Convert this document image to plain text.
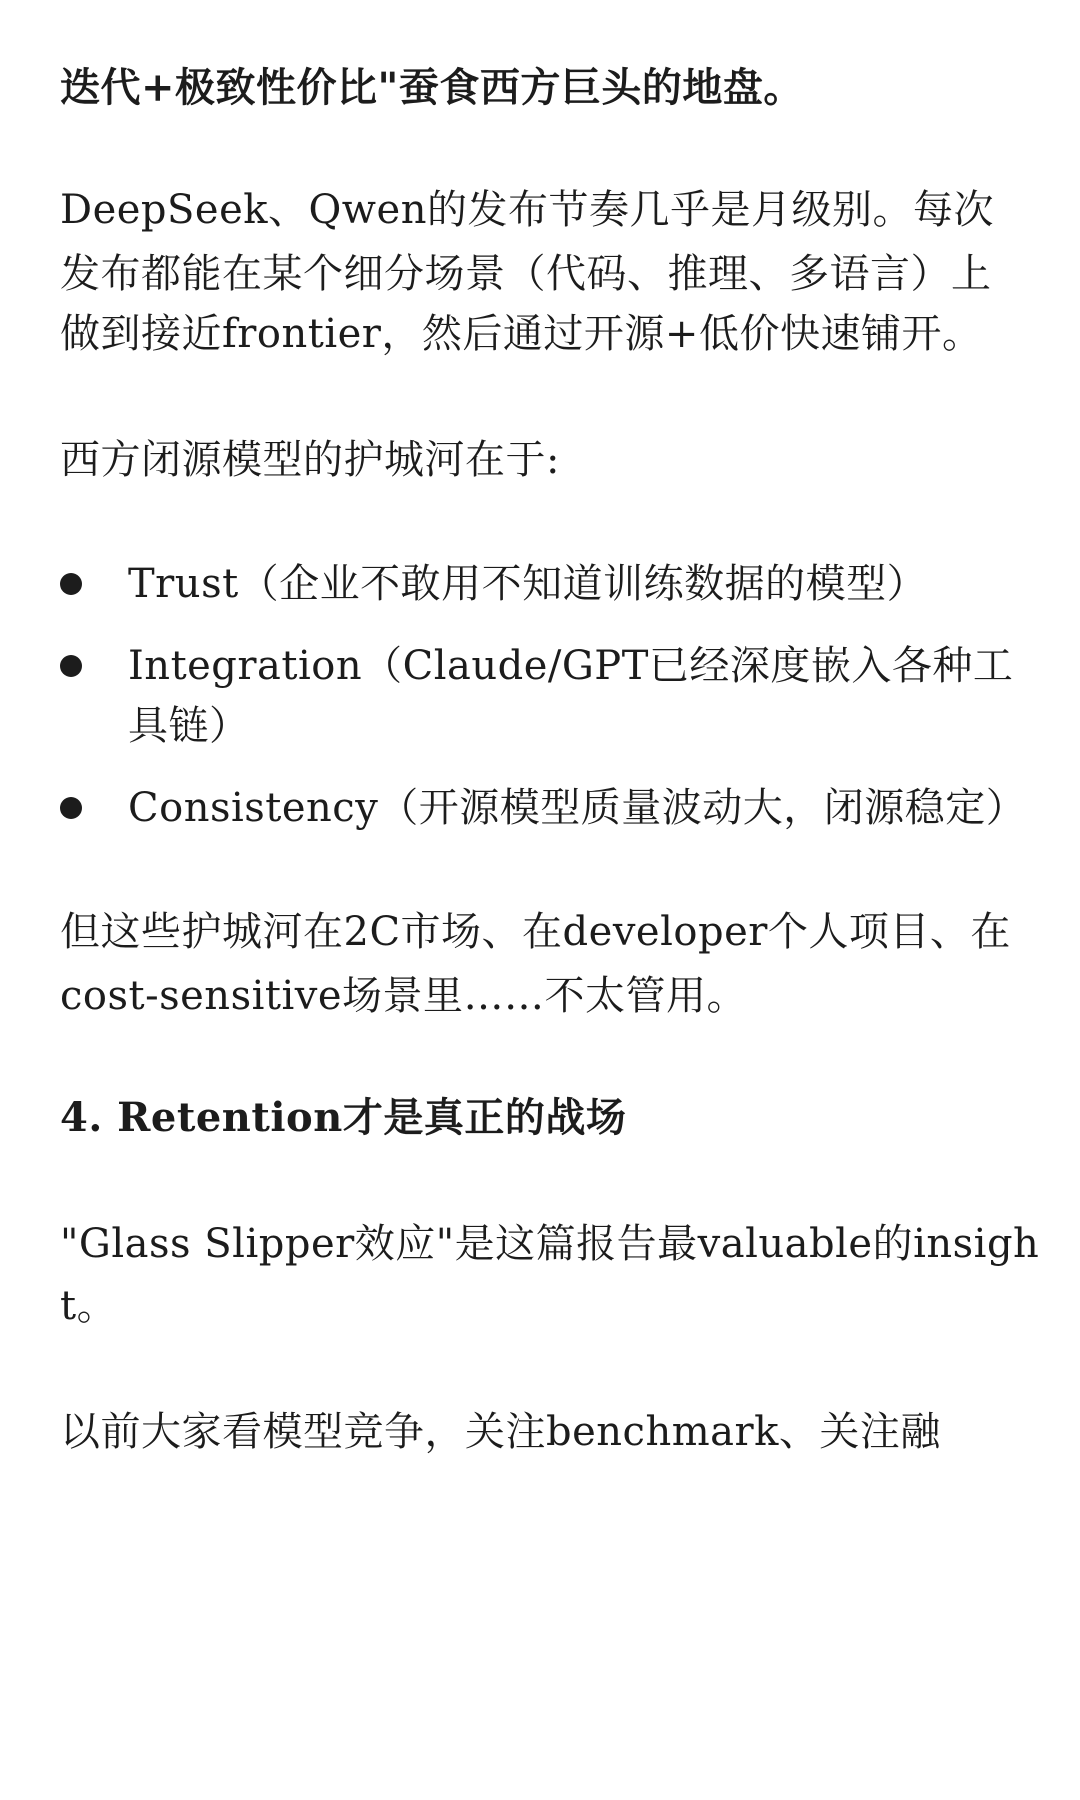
迭代+极致性价比"蚕食西方巨头的地盘。
DeepSeek、Qwen的发布节奏几乎是月级别。每次
发布都能在某个细分场景（代码、推理、多语言）上
做到接近frontier，然后通过开源+低价快速铺开。
西方闭源模型的护城河在于:
Trust（企业不敢用不知道训练数据的模型）
Integration（Claude/GPT已经深度嵌入各种工
具链）
Consistency（开源模型质量波动大，闭源稳定）
但这些护城河在2C市场、在developer个人项目、在
cost-sensitive场景里……不太管用。
4. Retention才是真正的战场
"Glass Slipper效应"是这篇报告最valuable的insigh
t。
以前大家看模型竞争，关注benchmark、关注融
